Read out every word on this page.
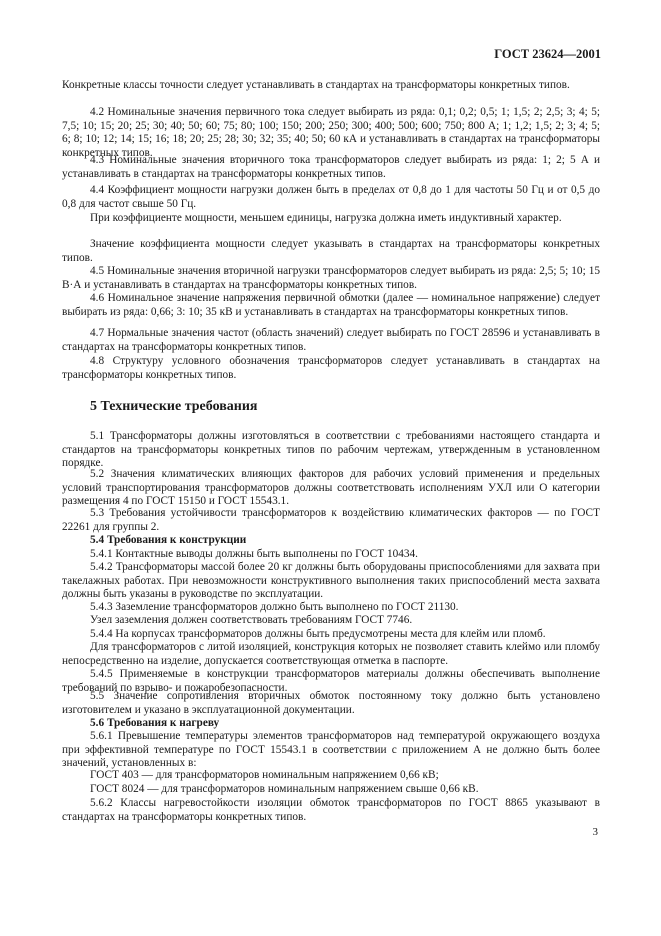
ГОСТ 23624—2001

Конкретные классы точности следует устанавливать в стандартах на трансформаторы конкретных типов.

4.2 Номинальные значения первичного тока следует выбирать из ряда: 0,1; 0,2; 0,5; 1; 1,5; 2; 2,5; 3; 4; 5; 7,5; 10; 15; 20; 25; 30; 40; 50; 60; 75; 80; 100; 150; 200; 250; 300; 400; 500; 600; 750; 800 А; 1; 1,2; 1,5; 2; 3; 4; 5; 6; 8; 10; 12; 14; 15; 16; 18; 20; 25; 28; 30; 32; 35; 40; 50; 60 кА и устанавливать в стандартах на трансформаторы конкретных типов.

4.3 Номинальные значения вторичного тока трансформаторов следует выбирать из ряда: 1; 2; 5 А и устанавливать в стандартах на трансформаторы конкретных типов.

4.4 Коэффициент мощности нагрузки должен быть в пределах от 0,8 до 1 для частоты 50 Гц и от 0,5 до 0,8 для частот свыше 50 Гц.

При коэффициенте мощности, меньшем единицы, нагрузка должна иметь индуктивный характер.

Значение коэффициента мощности следует указывать в стандартах на трансформаторы конкретных типов.

4.5 Номинальные значения вторичной нагрузки трансформаторов следует выбирать из ряда: 2,5; 5; 10; 15 В·А и устанавливать в стандартах на трансформаторы конкретных типов.

4.6 Номинальное значение напряжения первичной обмотки (далее — номинальное напряжение) следует выбирать из ряда: 0,66; 3: 10; 35 кВ и устанавливать в стандартах на трансформаторы конкретных типов.

4.7 Нормальные значения частот (область значений) следует выбирать по ГОСТ 28596 и устанавливать в стандартах на трансформаторы конкретных типов.

4.8 Структуру условного обозначения трансформаторов следует устанавливать в стандартах на трансформаторы конкретных типов.

5 Технические требования

5.1 Трансформаторы должны изготовляться в соответствии с требованиями настоящего стандарта и стандартов на трансформаторы конкретных типов по рабочим чертежам, утвержденным в установленном порядке.

5.2 Значения климатических влияющих факторов для рабочих условий применения и предельных условий транспортирования трансформаторов должны соответствовать исполнениям УХЛ или О категории размещения 4 по ГОСТ 15150 и ГОСТ 15543.1.

5.3 Требования устойчивости трансформаторов к воздействию климатических факторов — по ГОСТ 22261 для группы 2.

5.4 Требования к конструкции

5.4.1 Контактные выводы должны быть выполнены по ГОСТ 10434.

5.4.2 Трансформаторы массой более 20 кг должны быть оборудованы приспособлениями для захвата при такелажных работах. При невозможности конструктивного выполнения таких приспособлений места захвата должны быть указаны в руководстве по эксплуатации.

5.4.3 Заземление трансформаторов должно быть выполнено по ГОСТ 21130.

Узел заземления должен соответствовать требованиям ГОСТ 7746.

5.4.4 На корпусах трансформаторов должны быть предусмотрены места для клейм или пломб.

Для трансформаторов с литой изоляцией, конструкция которых не позволяет ставить клеймо или пломбу непосредственно на изделие, допускается соответствующая отметка в паспорте.

5.4.5 Применяемые в конструкции трансформаторов материалы должны обеспечивать выполнение требований по взрыво- и пожаробезопасности.

5.5 Значение сопротивления вторичных обмоток постоянному току должно быть установлено изготовителем и указано в эксплуатационной документации.

5.6 Требования к нагреву

5.6.1 Превышение температуры элементов трансформаторов над температурой окружающего воздуха при эффективной температуре по ГОСТ 15543.1 в соответствии с приложением А не должно быть более значений, установленных в:

ГОСТ 403 — для трансформаторов номинальным напряжением 0,66 кВ;

ГОСТ 8024 — для трансформаторов номинальным напряжением свыше 0,66 кВ.

5.6.2 Классы нагревостойкости изоляции обмоток трансформаторов по ГОСТ 8865 указывают в стандартах на трансформаторы конкретных типов.

3
